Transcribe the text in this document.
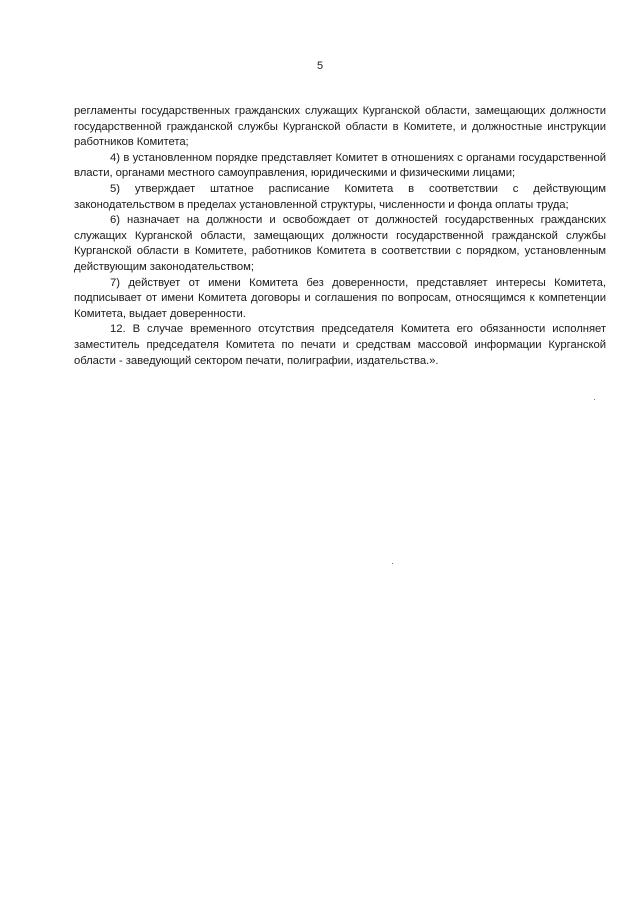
5

регламенты государственных гражданских служащих Курганской области, замещающих должности государственной гражданской службы Курганской области в Комитете, и должностные инструкции работников Комитета;

4) в установленном порядке представляет Комитет в отношениях с органами государственной власти, органами местного самоуправления, юридическими и физическими лицами;

5) утверждает штатное расписание Комитета в соответствии с действующим законодательством в пределах установленной структуры, численности и фонда оплаты труда;

6) назначает на должности и освобождает от должностей государственных гражданских служащих Курганской области, замещающих должности государственной гражданской службы Курганской области в Комитете, работников Комитета в соответствии с порядком, установленным действующим законодательством;

7) действует от имени Комитета без доверенности, представляет интересы Комитета, подписывает от имени Комитета договоры и соглашения по вопросам, относящимся к компетенции Комитета, выдает доверенности.

12. В случае временного отсутствия председателя Комитета его обязанности исполняет заместитель председателя Комитета по печати и средствам массовой информации Курганской области - заведующий сектором печати, полиграфии, издательства.».
